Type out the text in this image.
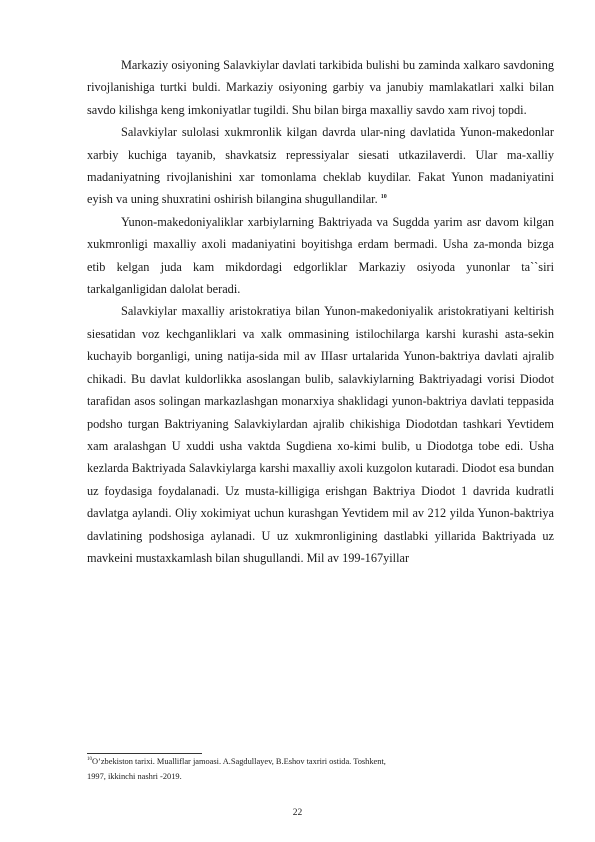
Markaziy osiyoning Salavkiylar davlati tarkibida bulishi bu zaminda xalkaro savdoning rivojlanishiga turtki buldi. Markaziy osiyoning garbiy va janubiy mamlakatlari xalki bilan savdo kilishga keng imkoniyatlar tugildi. Shu bilan birga maxalliy savdo xam rivoj topdi.

Salavkiylar sulolasi xukmronlik kilgan davrda ular-ning davlatida Yunon-makedonlar xarbiy kuchiga tayanib, shavkatsiz repressiyalar siesati utkazilaverdi. Ular ma-xalliy madaniyatning rivojlanishini xar tomonlama cheklab kuydilar. Fakat Yunon madaniyatini eyish va uning shuxratini oshirish bilangina shugullandilar. $^{10}$

Yunon-makedoniyaliklar xarbiylarning Baktriyada va Sugdda yarim asr davom kilgan xukmronligi maxalliy axoli madaniyatini boyitishga erdam bermadi. Usha za-monda bizga etib kelgan juda kam mikdordagi edgorliklar Markaziy osiyoda yunonlar ta``siri tarkalganligidan dalolat beradi.

Salavkiylar maxalliy aristokratiya bilan Yunon-makedoniyalik aristokratiyani keltirish siesatidan voz kechganliklari va xalk ommasining istilochilarga karshi kurashi asta-sekin kuchayib borganligi, uning natija-sida mil av IIIasr urtalarida Yunon-baktriya davlati ajralib chikadi. Bu davlat kuldorlikka asoslangan bulib, salavkiylarning Baktriyadagi vorisi Diodot tarafidan asos solingan markazlashgan monarxiya shaklidagi yunon-baktriya davlati teppasida podsho turgan Baktriyaning Salavkiylardan ajralib chikishiga Diodotdan tashkari Yevtidem xam aralashgan U xuddi usha vaktda Sugdiena xo-kimi bulib, u Diodotga tobe edi. Usha kezlarda Baktriyada Salavkiylarga karshi maxalliy axoli kuzgolon kutaradi. Diodot esa bundan uz foydasiga foydalanadi. Uz musta-killigiga erishgan Baktriya Diodot 1 davrida kudratli davlatga aylandi. Oliy xokimiyat uchun kurashgan Yevtidem mil av 212 yilda Yunon-baktriya davlatining podshosiga aylanadi. U uz xukmronligining dastlabki yillarida Baktriyada uz mavkeini mustaxkamlash bilan shugullandi. Mil av 199-167yillar

$^{10}$O’zbekiston tarixi. Mualliflar jamoasi. A.Sagdullayev, B.Eshov taxriri ostida. Toshkent,
1997, ikkinchi nashri -2019.
22
